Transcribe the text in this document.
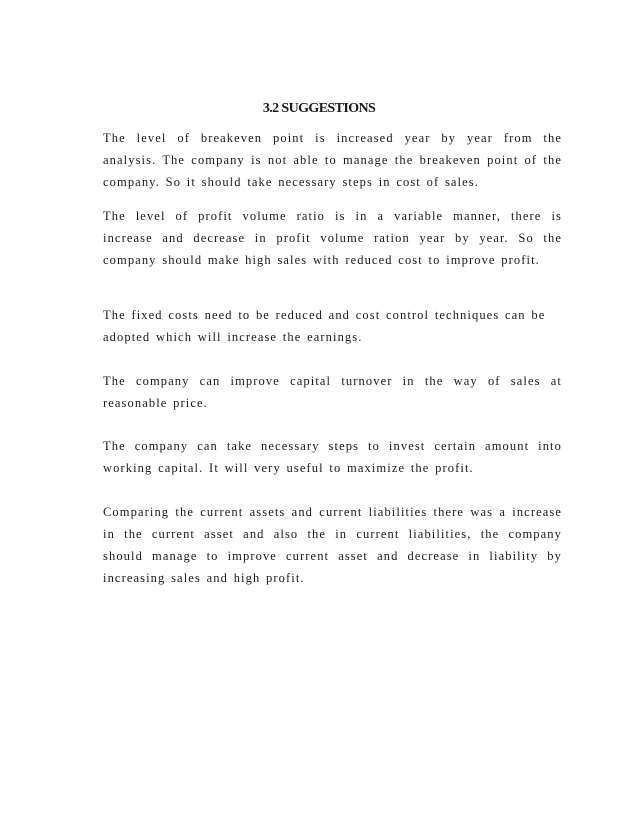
3.2 SUGGESTIONS

The level of breakeven point is increased year by year from the analysis. The company is not able to manage the breakeven point of the company. So it should take necessary steps in cost of sales.

The level of profit volume ratio is in a variable manner, there is increase and decrease in profit volume ration year by year. So the company should make high sales with reduced cost to improve profit.

The fixed costs need to be reduced and cost control techniques can be adopted which will increase the earnings.

The company can improve capital turnover in the way of sales at reasonable price.

The company can take necessary steps to invest certain amount into working capital. It will very useful to maximize the profit.

Comparing the current assets and current liabilities there was a increase in the current asset and also the in current liabilities, the company should manage to improve current asset and decrease in liability by increasing sales and high profit.
